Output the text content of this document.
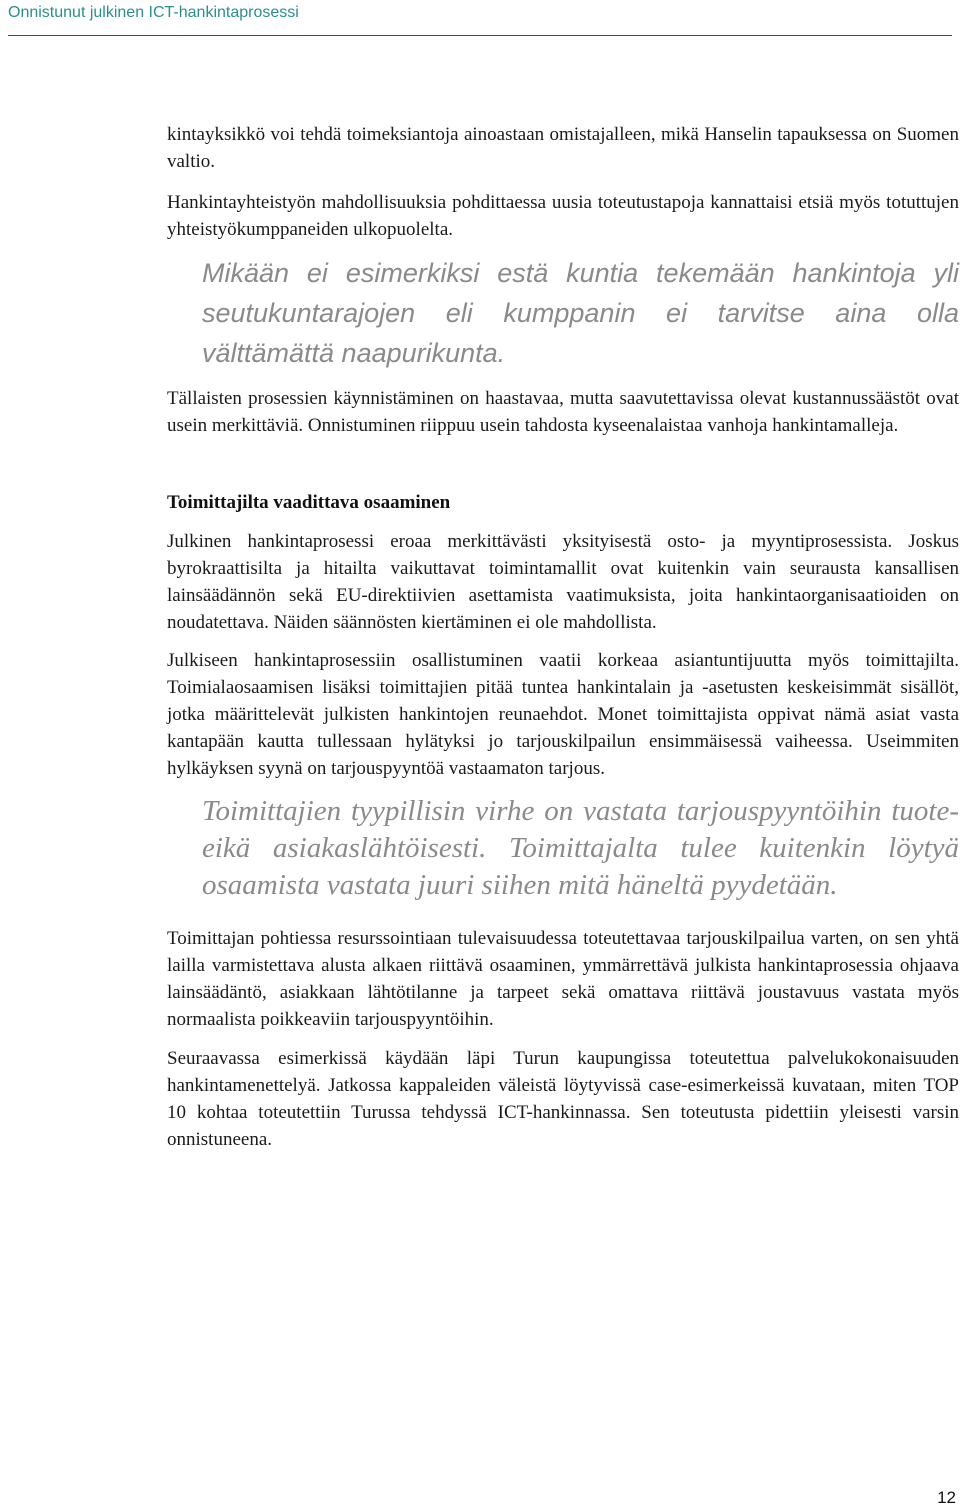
Onnistunut julkinen ICT-hankintaprosessi

kintayksikkö voi tehdä toimeksiantoja ainoastaan omistajalleen, mikä Hanselin tapauksessa on Suomen valtio.

Hankintayhteistyön mahdollisuuksia pohdittaessa uusia toteutustapoja kannattaisi etsiä myös totuttujen yhteistyökumppaneiden ulkopuolelta.

Mikään ei esimerkiksi estä kuntia tekemään hankintoja yli seutukuntarajojen eli kumppanin ei tarvitse aina olla välttämättä naapurikunta.

Tällaisten prosessien käynnistäminen on haastavaa, mutta saavutettavissa olevat kustannussäästöt ovat usein merkittäviä. Onnistuminen riippuu usein tahdosta kyseenalaistaa vanhoja hankintamalleja.

Toimittajilta vaadittava osaaminen

Julkinen hankintaprosessi eroaa merkittävästi yksityisestä osto- ja myyntiprosessista. Joskus byrokraattisilta ja hitailta vaikuttavat toimintamallit ovat kuitenkin vain seurausta kansallisen lainsäädännön sekä EU-direktiivien asettamista vaatimuksista, joita hankintaorganisaatioiden on noudatettava. Näiden säännösten kiertäminen ei ole mahdollista.

Julkiseen hankintaprosessiin osallistuminen vaatii korkeaa asiantuntijuutta myös toimittajilta. Toimialaosaamisen lisäksi toimittajien pitää tuntea hankintalain ja -asetusten keskeisimmät sisällöt, jotka määrittelevät julkisten hankintojen reunaehdot. Monet toimittajista oppivat nämä asiat vasta kantapään kautta tullessaan hylätyksi jo tarjouskilpailun ensimmäisessä vaiheessa. Useimmiten hylkäyksen syynä on tarjouspyyntöä vastaamaton tarjous.

Toimittajien tyypillisin virhe on vastata tarjouspyyntöihin tuote- eikä asiakaslähtöisesti. Toimittajalta tulee kuitenkin löytyä osaamista vastata juuri siihen mitä häneltä pyydetään.

Toimittajan pohtiessa resurssointiaan tulevaisuudessa toteutettavaa tarjouskilpailua varten, on sen yhtä lailla varmistettava alusta alkaen riittävä osaaminen, ymmärrettävä julkista hankintaprosessia ohjaava lainsäädäntö, asiakkaan lähtötilanne ja tarpeet sekä omattava riittävä joustavuus vastata myös normaalista poikkeaviin tarjouspyyntöihin.

Seuraavassa esimerkissä käydään läpi Turun kaupungissa toteutettua palvelukokonaisuuden hankintamenettelyä. Jatkossa kappaleiden väleistä löytyvissä case-esimerkeissä kuvataan, miten TOP 10 kohtaa toteutettiin Turussa tehdyssä ICT-hankinnassa. Sen toteutusta pidettiin yleisesti varsin onnistuneena.

12
